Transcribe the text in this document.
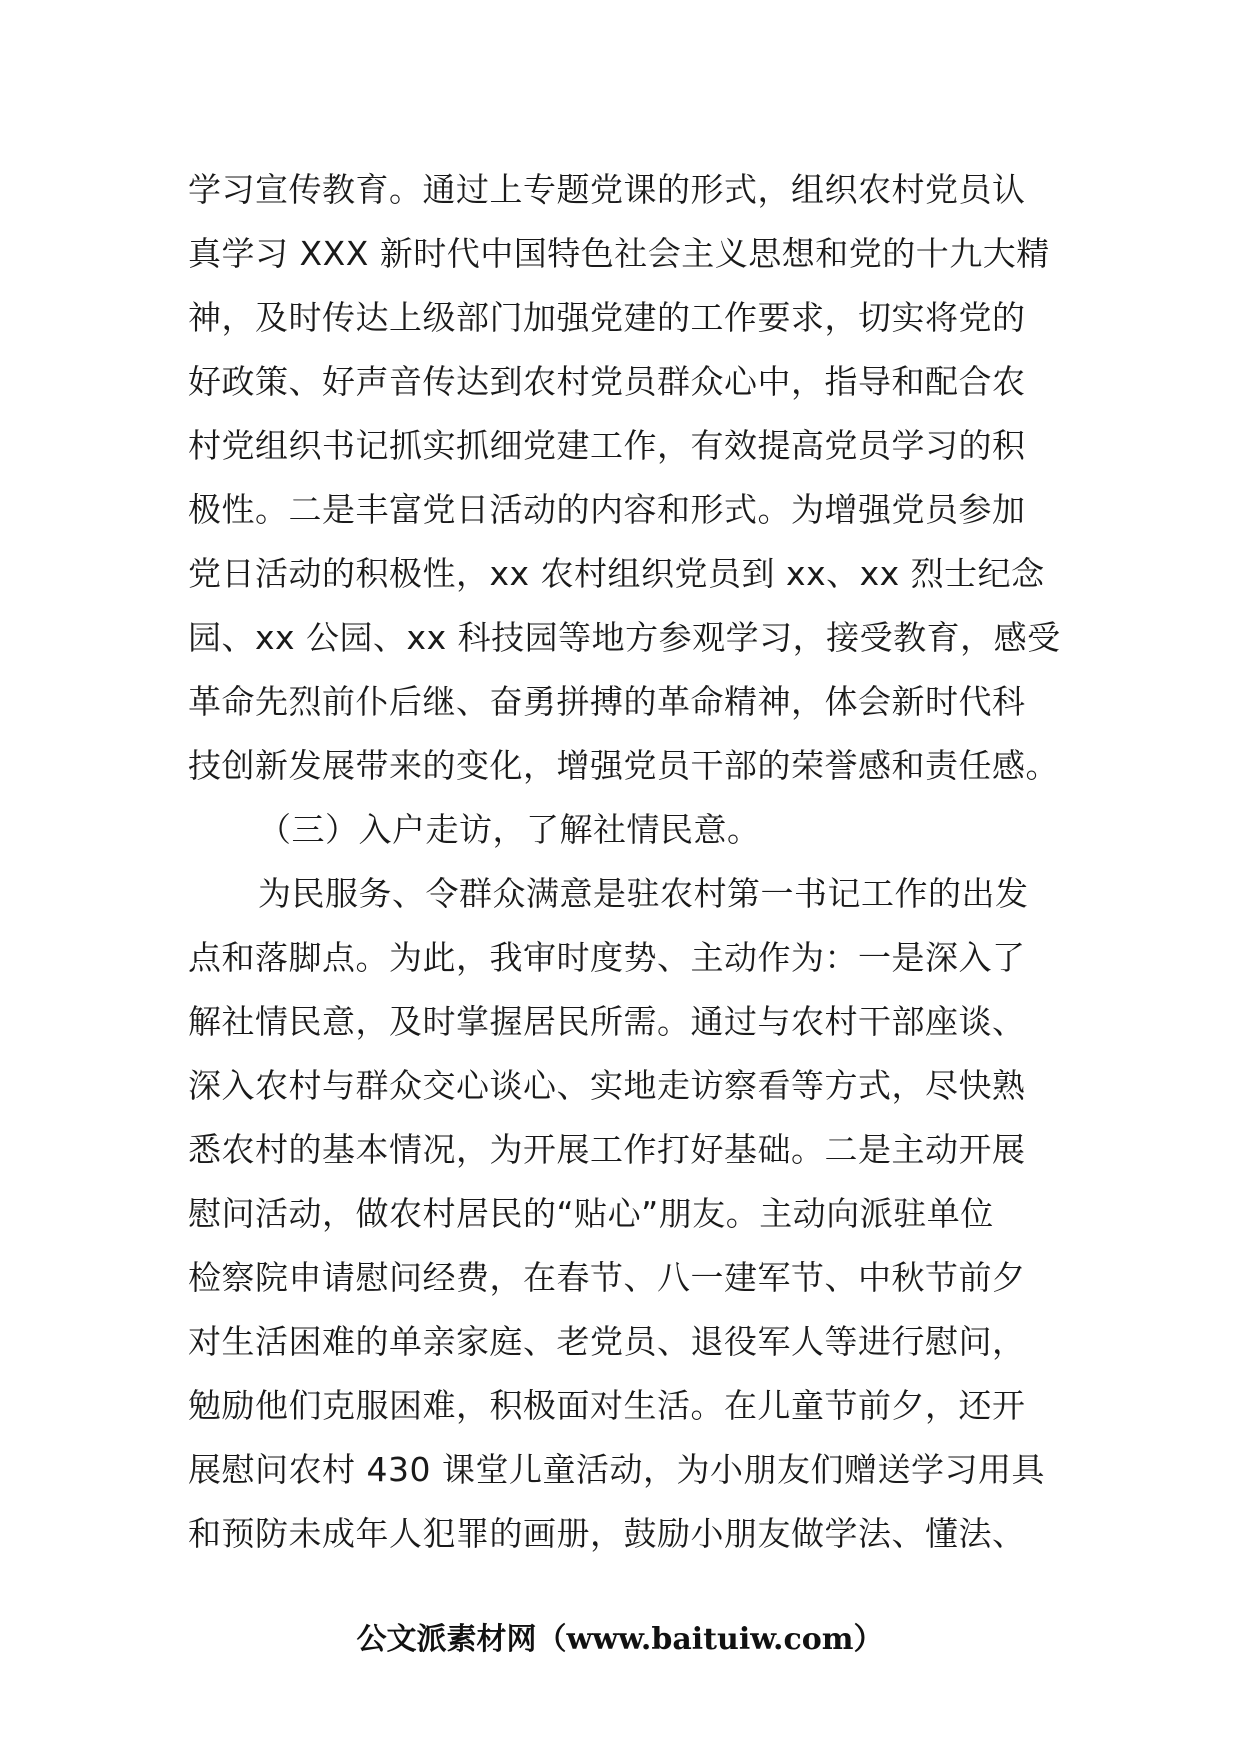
学习宣传教育。通过上专题党课的形式，组织农村党员认
真学习 XXX 新时代中国特色社会主义思想和党的十九大精
神，及时传达上级部门加强党建的工作要求，切实将党的
好政策、好声音传达到农村党员群众心中，指导和配合农
村党组织书记抓实抓细党建工作，有效提高党员学习的积
极性。二是丰富党日活动的内容和形式。为增强党员参加
党日活动的积极性，xx 农村组织党员到 xx、xx 烈士纪念
园、xx 公园、xx 科技园等地方参观学习，接受教育，感受
革命先烈前仆后继、奋勇拼搏的革命精神，体会新时代科
技创新发展带来的变化，增强党员干部的荣誉感和责任感。
（三）入户走访，了解社情民意。
为民服务、令群众满意是驻农村第一书记工作的出发
点和落脚点。为此，我审时度势、主动作为：一是深入了
解社情民意，及时掌握居民所需。通过与农村干部座谈、
深入农村与群众交心谈心、实地走访察看等方式，尽快熟
悉农村的基本情况，为开展工作打好基础。二是主动开展
慰问活动，做农村居民的“贴心”朋友。主动向派驻单位
检察院申请慰问经费，在春节、八一建军节、中秋节前夕
对生活困难的单亲家庭、老党员、退役军人等进行慰问，
勉励他们克服困难，积极面对生活。在儿童节前夕，还开
展慰问农村 430 课堂儿童活动，为小朋友们赠送学习用具
和预防未成年人犯罪的画册，鼓励小朋友做学法、懂法、
公文派素材网（www.baituiw.com）
